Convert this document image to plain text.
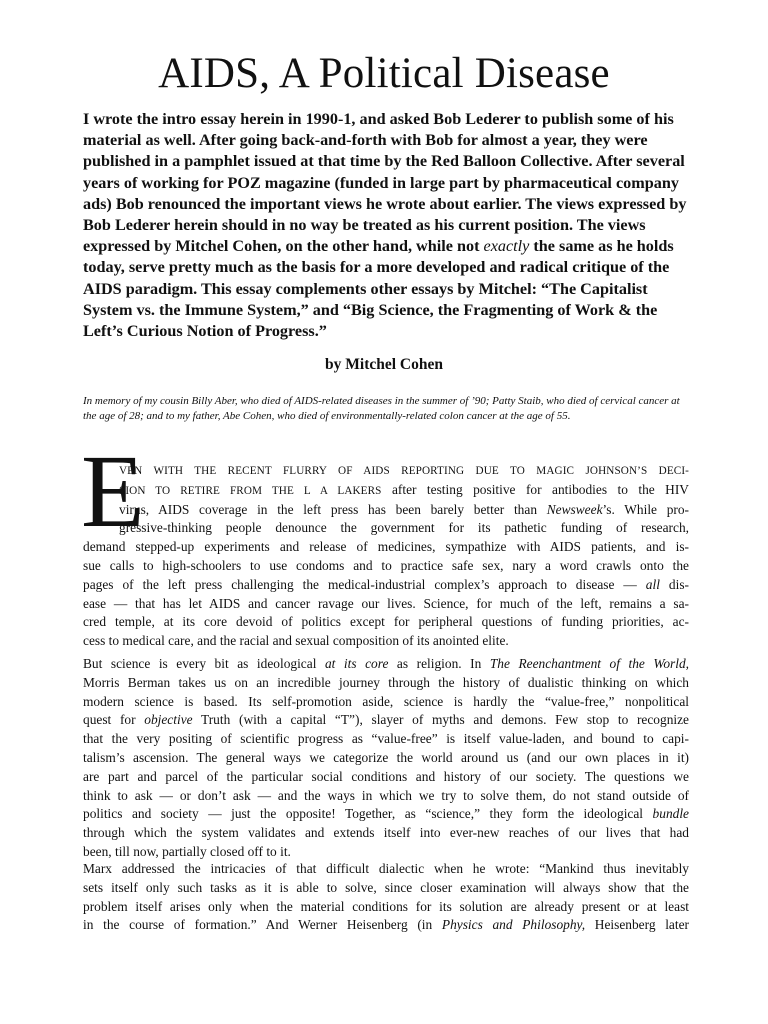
AIDS, A Political Disease

I wrote the intro essay herein in 1990-1, and asked Bob Lederer to publish some of his material as well. After going back-and-forth with Bob for almost a year, they were published in a pamphlet issued at that time by the Red Balloon Collective. After several years of working for POZ magazine (funded in large part by pharmaceutical company ads) Bob renounced the important views he wrote about earlier. The views expressed by Bob Lederer herein should in no way be treated as his current position. The views expressed by Mitchel Cohen, on the other hand, while not exactly the same as he holds today, serve pretty much as the basis for a more developed and radical critique of the AIDS paradigm. This essay complements other essays by Mitchel: “The Capitalist System vs. the Immune System,” and “Big Science, the Fragmenting of Work & the Left’s Curious Notion of Progress.”

by Mitchel Cohen

In memory of my cousin Billy Aber, who died of AIDS-related diseases in the summer of ’90; Patty Staib, who died of cervical cancer at the age of 28; and to my father, Abe Cohen, who died of environmentally-related colon cancer at the age of 55.

E
VEN WITH THE RECENT FLURRY OF AIDS REPORTING DUE TO MAGIC JOHNSON’S DECI-
SION TO RETIRE FROM THE L A LAKERS after testing positive for antibodies to the HIV
virus, AIDS coverage in the left press has been barely better than Newsweek’s. While pro-
gressive-thinking people denounce the government for its pathetic funding of research,
demand stepped-up experiments and release of medicines, sympathize with AIDS patients, and is-
sue calls to high-schoolers to use condoms and to practice safe sex, nary a word crawls onto the
pages of the left press challenging the medical-industrial complex’s approach to disease — all dis-
ease — that has let AIDS and cancer ravage our lives. Science, for much of the left, remains a sa-
cred temple, at its core devoid of politics except for peripheral questions of funding priorities, ac-
cess to medical care, and the racial and sexual composition of its anointed elite.
But science is every bit as ideological at its core as religion. In The Reenchantment of the World,
Morris Berman takes us on an incredible journey through the history of dualistic thinking on which
modern science is based. Its self-promotion aside, science is hardly the “value-free,” nonpolitical
quest for objective Truth (with a capital “T”), slayer of myths and demons. Few stop to recognize
that the very positing of scientific progress as “value-free” is itself value-laden, and bound to capi-
talism’s ascension. The general ways we categorize the world around us (and our own places in it)
are part and parcel of the particular social conditions and history of our society. The questions we
think to ask — or don’t ask — and the ways in which we try to solve them, do not stand outside of
politics and society — just the opposite! Together, as “science,” they form the ideological bundle
through which the system validates and extends itself into ever-new reaches of our lives that had
been, till now, partially closed off to it.
Marx addressed the intricacies of that difficult dialectic when he wrote: “Mankind thus inevitably
sets itself only such tasks as it is able to solve, since closer examination will always show that the
problem itself arises only when the material conditions for its solution are already present or at least
in the course of formation.” And Werner Heisenberg (in Physics and Philosophy, Heisenberg later
